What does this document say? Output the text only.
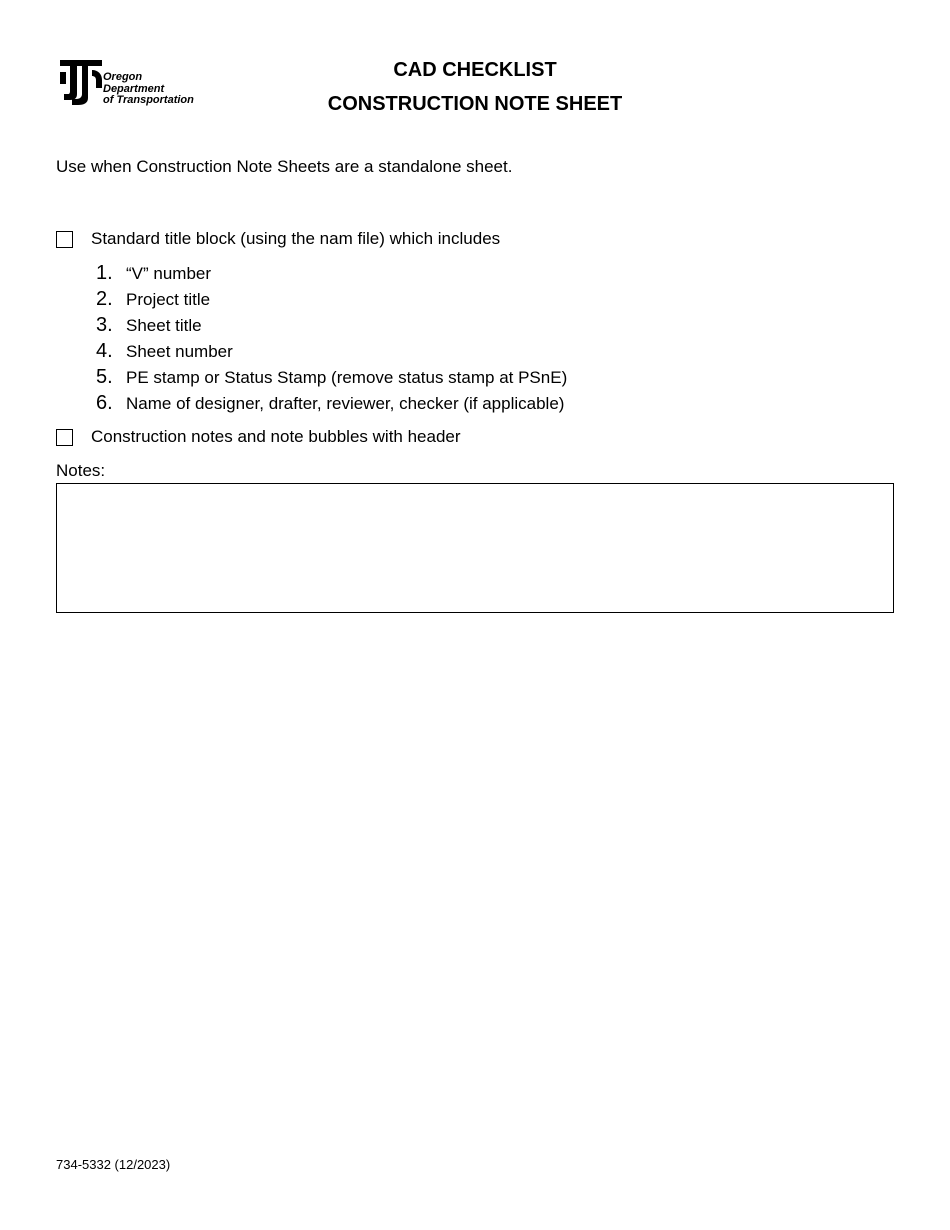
Oregon
Department
of Transportation
CAD CHECKLIST
CONSTRUCTION NOTE SHEET
Use when Construction Note Sheets are a standalone sheet.
Standard title block (using the nam file) which includes
1. “V” number
2. Project title
3. Sheet title
4. Sheet number
5. PE stamp or Status Stamp (remove status stamp at PSnE)
6. Name of designer, drafter, reviewer, checker (if applicable)
Construction notes and note bubbles with header
Notes:
734-5332 (12/2023)
